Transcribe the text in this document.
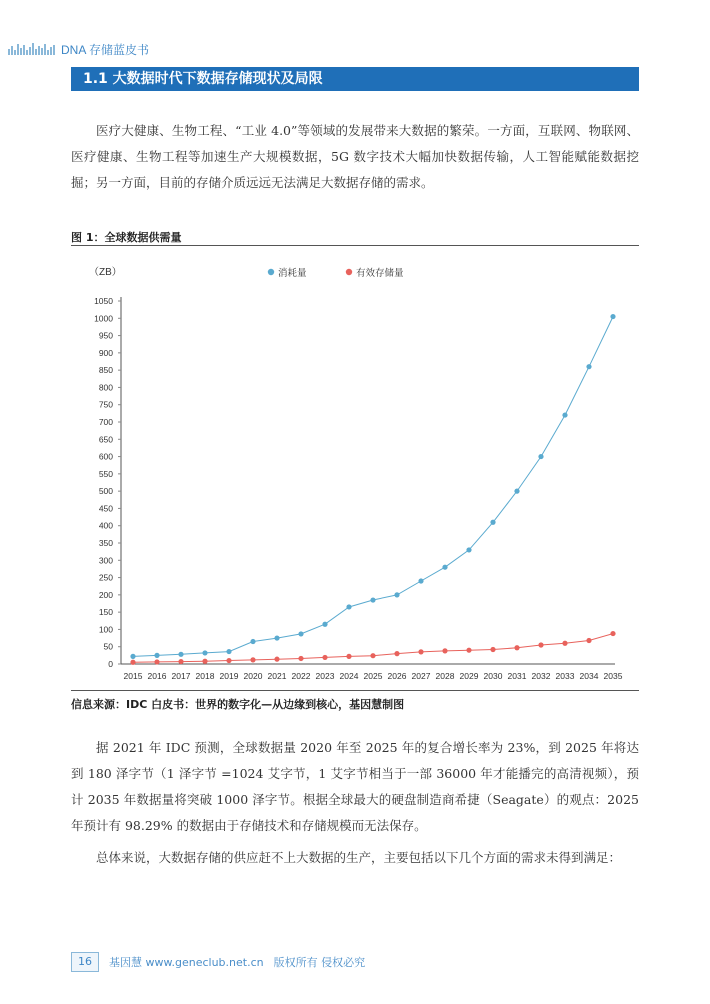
DNA 存储蓝皮书
1.1 大数据时代下数据存储现状及局限

医疗大健康、生物工程、“工业 4.0”等领域的发展带来大数据的繁荣。一方面，互联网、物联网、医疗健康、生物工程等加速生产大规模数据，5G 数字技术大幅加快数据传输，人工智能赋能数据挖掘；另一方面，目前的存储介质远远无法满足大数据存储的需求。

图 1：全球数据供需量
（ZB）
0
50
100
150
200
250
300
350
400
450
500
550
600
650
700
750
800
850
900
950
1000
1050
2015 2016 2017 2018 2019 2020 2021 2022 2023 2024 2025 2026 2027 2028 2029 2030 2031 2032 2033 2034 2035
消耗量	有效存储量
信息来源：IDC 白皮书：世界的数字化—从边缘到核心，基因慧制图

据 2021 年 IDC 预测，全球数据量 2020 年至 2025 年的复合增长率为 23%，到 2025 年将达到 180 泽字节（1 泽字节 =1024 艾字节，1 艾字节相当于一部 36000 年才能播完的高清视频），预计 2035 年数据量将突破 1000 泽字节。根据全球最大的硬盘制造商希捷（Seagate）的观点：2025 年预计有 98.29% 的数据由于存储技术和存储规模而无法保存。

总体来说，大数据存储的供应赶不上大数据的生产，主要包括以下几个方面的需求未得到满足：

16	基因慧 www.geneclub.net.cn 版权所有 侵权必究
